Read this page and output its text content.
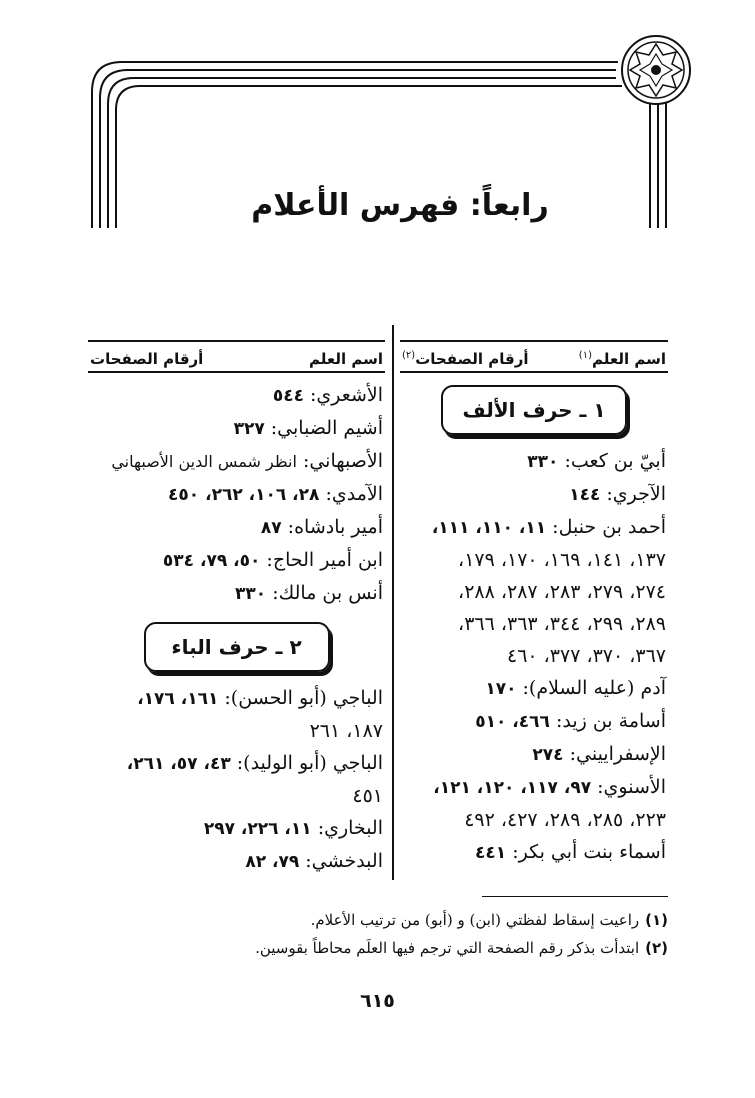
رابعاً: فهرس الأعلام
اسم العلم$^{(١)}$
أرقام الصفحات$^{(٢)}$
١ ـ حرف الألف
أبيّ بن كعب: ٣٣٠
الآجري: ١٤٤
أحمد بن حنبل: ١١، ١١٠، ١١١،
١٣٧، ١٤١، ١٦٩، ١٧٠، ١٧٩،
٢٧٤، ٢٧٩، ٢٨٣، ٢٨٧، ٢٨٨،
٢٨٩، ٢٩٩، ٣٤٤، ٣٦٣، ٣٦٦،
٣٦٧، ٣٧٠، ٣٧٧، ٤٦٠
آدم (عليه السلام): ١٧٠
أسامة بن زيد: ٤٦٦، ٥١٠
الإسفراييني: ٢٧٤
الأسنوي: ٩٧، ١١٧، ١٢٠، ١٢١،
٢٢٣، ٢٨٥، ٢٨٩، ٤٢٧، ٤٩٢
أسماء بنت أبي بكر: ٤٤١
اسم العلم
أرقام الصفحات
الأشعري: ٥٤٤
أشيم الضبابي: ٣٢٧
الأصبهاني: انظر شمس الدين الأصبهاني
الآمدي: ٢٨، ١٠٦، ٢٦٢، ٤٥٠
أمير بادشاه: ٨٧
ابن أمير الحاج: ٥٠، ٧٩، ٥٣٤
أنس بن مالك: ٣٣٠
٢ ـ حرف الباء
الباجي (أبو الحسن): ١٦١، ١٧٦،
١٨٧، ٢٦١
الباجي (أبو الوليد): ٤٣، ٥٧، ٢٦١،
٤٥١
البخاري: ١١، ٢٢٦، ٢٩٧
البدخشي: ٧٩، ٨٢
(١)راعيت إسقاط لفظتي (ابن) و (أبو) من ترتيب الأعلام.
(٢)ابتدأت بذكر رقم الصفحة التي ترجم فيها العلَم محاطاً بقوسين.
٦١٥
